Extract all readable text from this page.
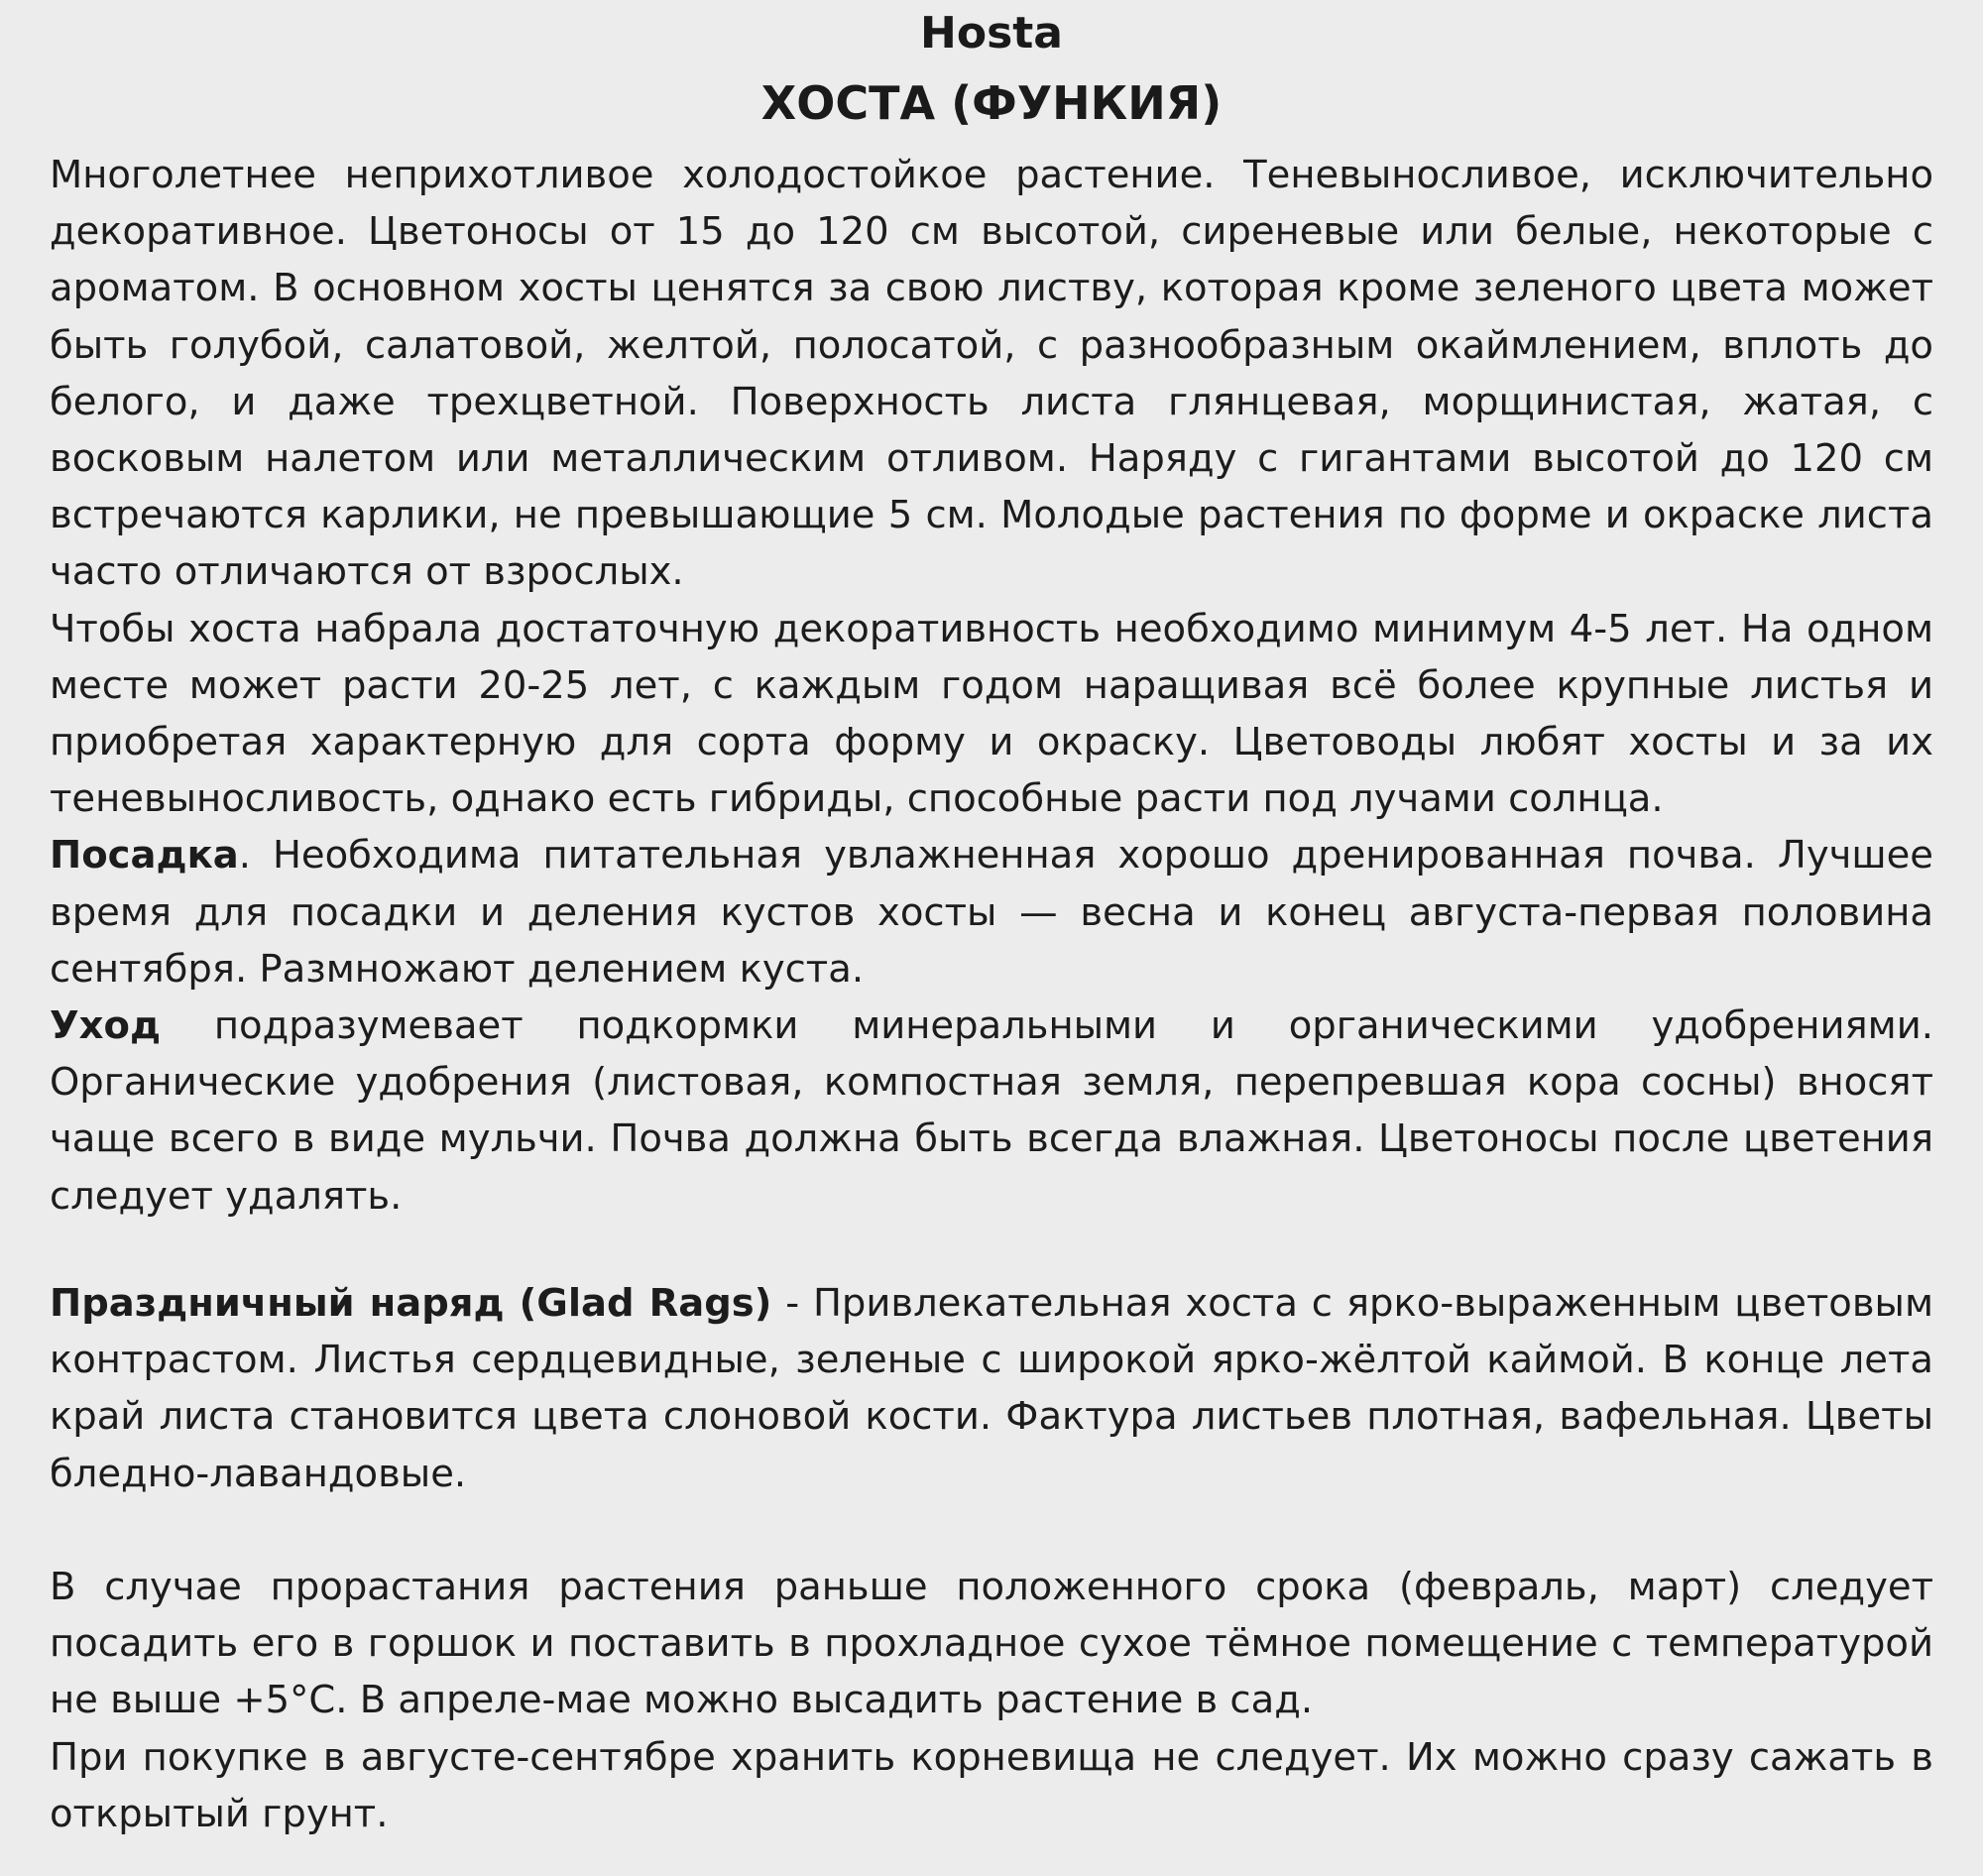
Hosta
ХОСТА (ФУНКИЯ)

Многолетнее неприхотливое холодостойкое растение. Теневыносливое, исключительно декоративное. Цветоносы от 15 до 120 см высотой, сиреневые или белые, некоторые с ароматом. В основном хосты ценятся за свою листву, которая кроме зеленого цвета может быть голубой, салатовой, желтой, полосатой, с разнообразным окаймлением, вплоть до белого, и даже трехцветной. Поверхность листа глянцевая, морщинистая, жатая, с восковым налетом или металлическим отливом. Наряду с гигантами высотой до 120 см встречаются карлики, не превышающие 5 см. Молодые растения по форме и окраске листа часто отличаются от взрослых.

Чтобы хоста набрала достаточную декоративность необходимо минимум 4-5 лет. На одном месте может расти 20-25 лет, с каждым годом наращивая всё более крупные листья и приобретая характерную для сорта форму и окраску. Цветоводы любят хосты и за их теневыносливость, однако есть гибриды, способные расти под лучами солнца.

Посадка. Необходима питательная увлажненная хорошо дренированная почва. Лучшее время для посадки и деления кустов хосты — весна и конец августа-первая половина сентября. Размножают делением куста.

Уход подразумевает подкормки минеральными и органическими удобрениями. Органические удобрения (листовая, компостная земля, перепревшая кора сосны) вносят чаще всего в виде мульчи. Почва должна быть всегда влажная. Цветоносы после цветения следует удалять.

Праздничный наряд (Glad Rags) - Привлекательная хоста с ярко-выраженным цветовым контрастом. Листья сердцевидные, зеленые с широкой ярко-жёлтой каймой. В конце лета край листа становится цвета слоновой кости. Фактура листьев плотная, вафельная. Цветы бледно-лавандовые.

В случае прорастания растения раньше положенного срока (февраль, март) следует посадить его в горшок и поставить в прохладное сухое тёмное помещение с температурой не выше +5°С. В апреле-мае можно высадить растение в сад.

При покупке в августе-сентябре хранить корневища не следует. Их можно сразу сажать в открытый грунт.
